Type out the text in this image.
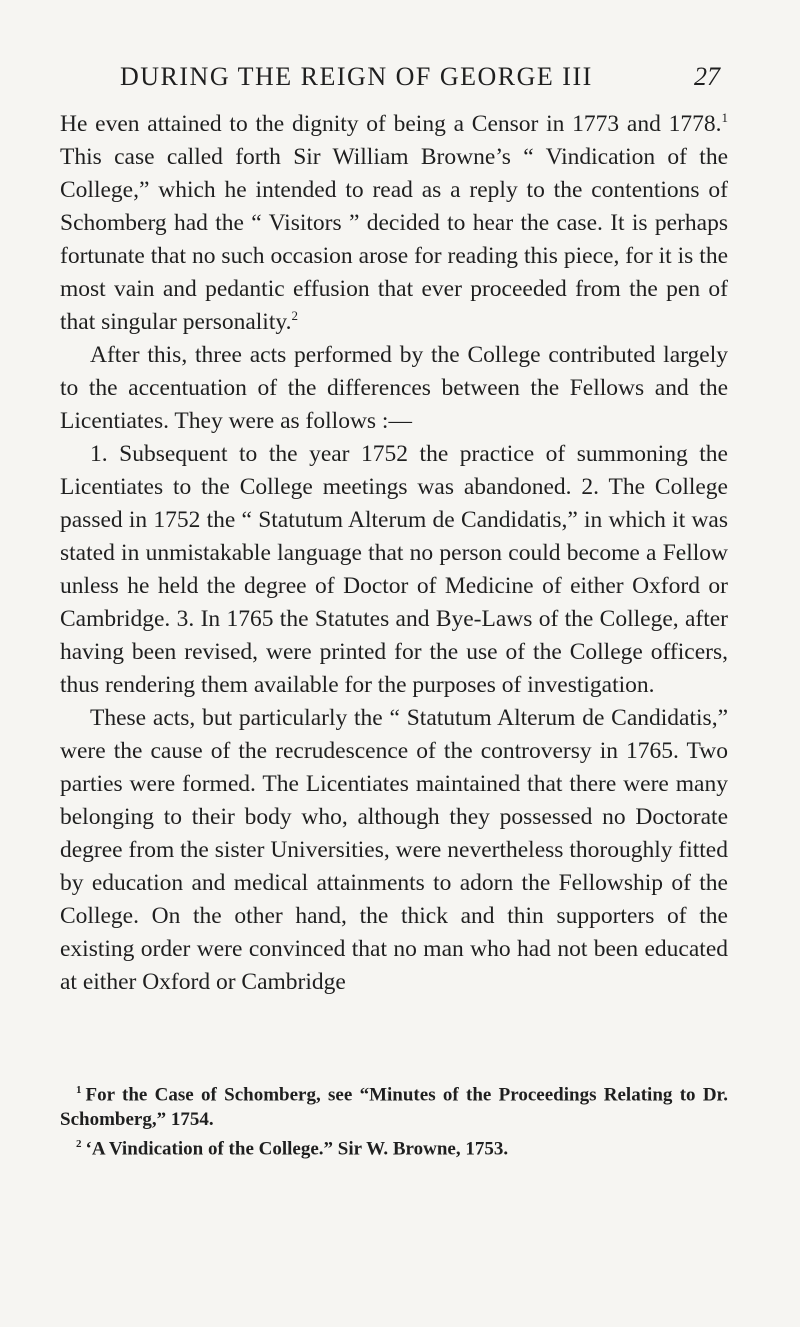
DURING THE REIGN OF GEORGE III	27

He even attained to the dignity of being a Censor in 1773 and 1778.$^1$ This case called forth Sir William Browne’s “ Vindication of the College,” which he intended to read as a reply to the contentions of Schomberg had the “ Visitors ” decided to hear the case. It is perhaps fortunate that no such occasion arose for reading this piece, for it is the most vain and pedantic effusion that ever proceeded from the pen of that singular personality.$^2$

After this, three acts performed by the College contributed largely to the accentuation of the differences between the Fellows and the Licentiates. They were as follows :—

1. Subsequent to the year 1752 the practice of summoning the Licentiates to the College meetings was abandoned. 2. The College passed in 1752 the “ Statutum Alterum de Candidatis,” in which it was stated in unmistakable language that no person could become a Fellow unless he held the degree of Doctor of Medicine of either Oxford or Cambridge. 3. In 1765 the Statutes and Bye-Laws of the College, after having been revised, were printed for the use of the College officers, thus rendering them available for the purposes of investigation.

These acts, but particularly the “ Statutum Alterum de Candidatis,” were the cause of the recrudescence of the controversy in 1765. Two parties were formed. The Licentiates maintained that there were many belonging to their body who, although they possessed no Doctorate degree from the sister Universities, were nevertheless thoroughly fitted by education and medical attainments to adorn the Fellowship of the College. On the other hand, the thick and thin supporters of the existing order were convinced that no man who had not been educated at either Oxford or Cambridge

$^1$ For the Case of Schomberg, see “Minutes of the Proceedings Relating to Dr. Schomberg,” 1754.

$^2$ ‘A Vindication of the College.” Sir W. Browne, 1753.
